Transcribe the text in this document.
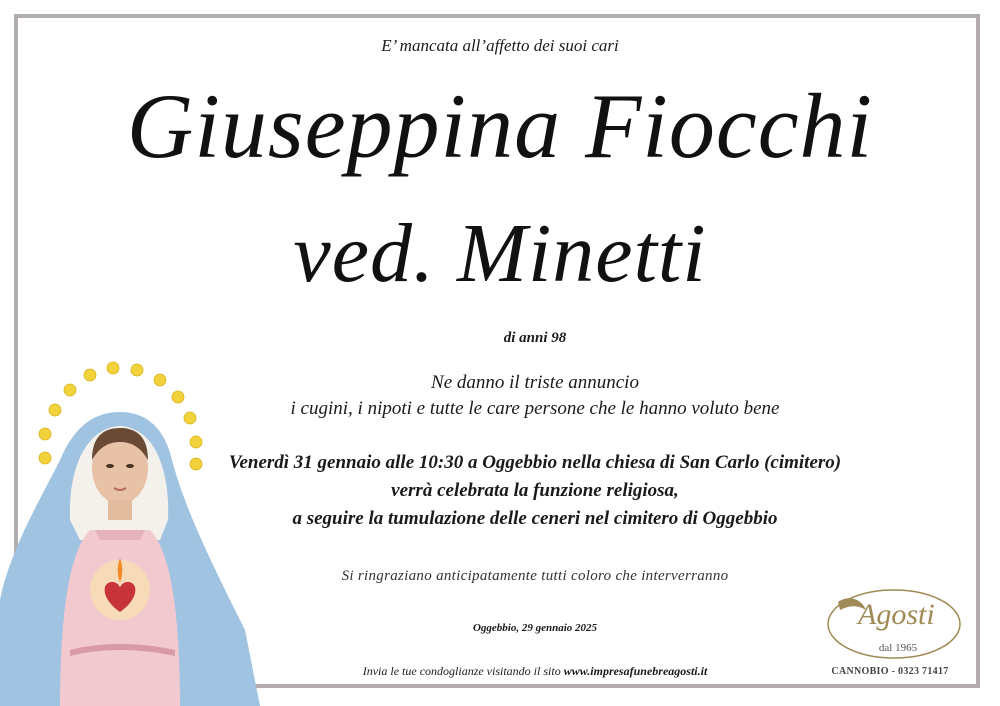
E’ mancata all’affetto dei suoi cari
Giuseppina Fiocchi
ved. Minetti
di anni 98
Ne danno il triste annuncio
i cugini, i nipoti e tutte le care persone che le hanno voluto bene
Venerdì 31 gennaio alle 10:30 a Oggebbio nella chiesa di San Carlo (cimitero)
verrà celebrata la funzione religiosa,
a seguire la tumulazione delle ceneri nel cimitero di Oggebbio
Si ringraziano anticipatamente tutti coloro che interverranno
Oggebbio, 29 gennaio 2025
Invia le tue condoglianze visitando il sito www.impresafunebreagosti.it
Agosti
dal 1965
CANNOBIO - 0323 71417
